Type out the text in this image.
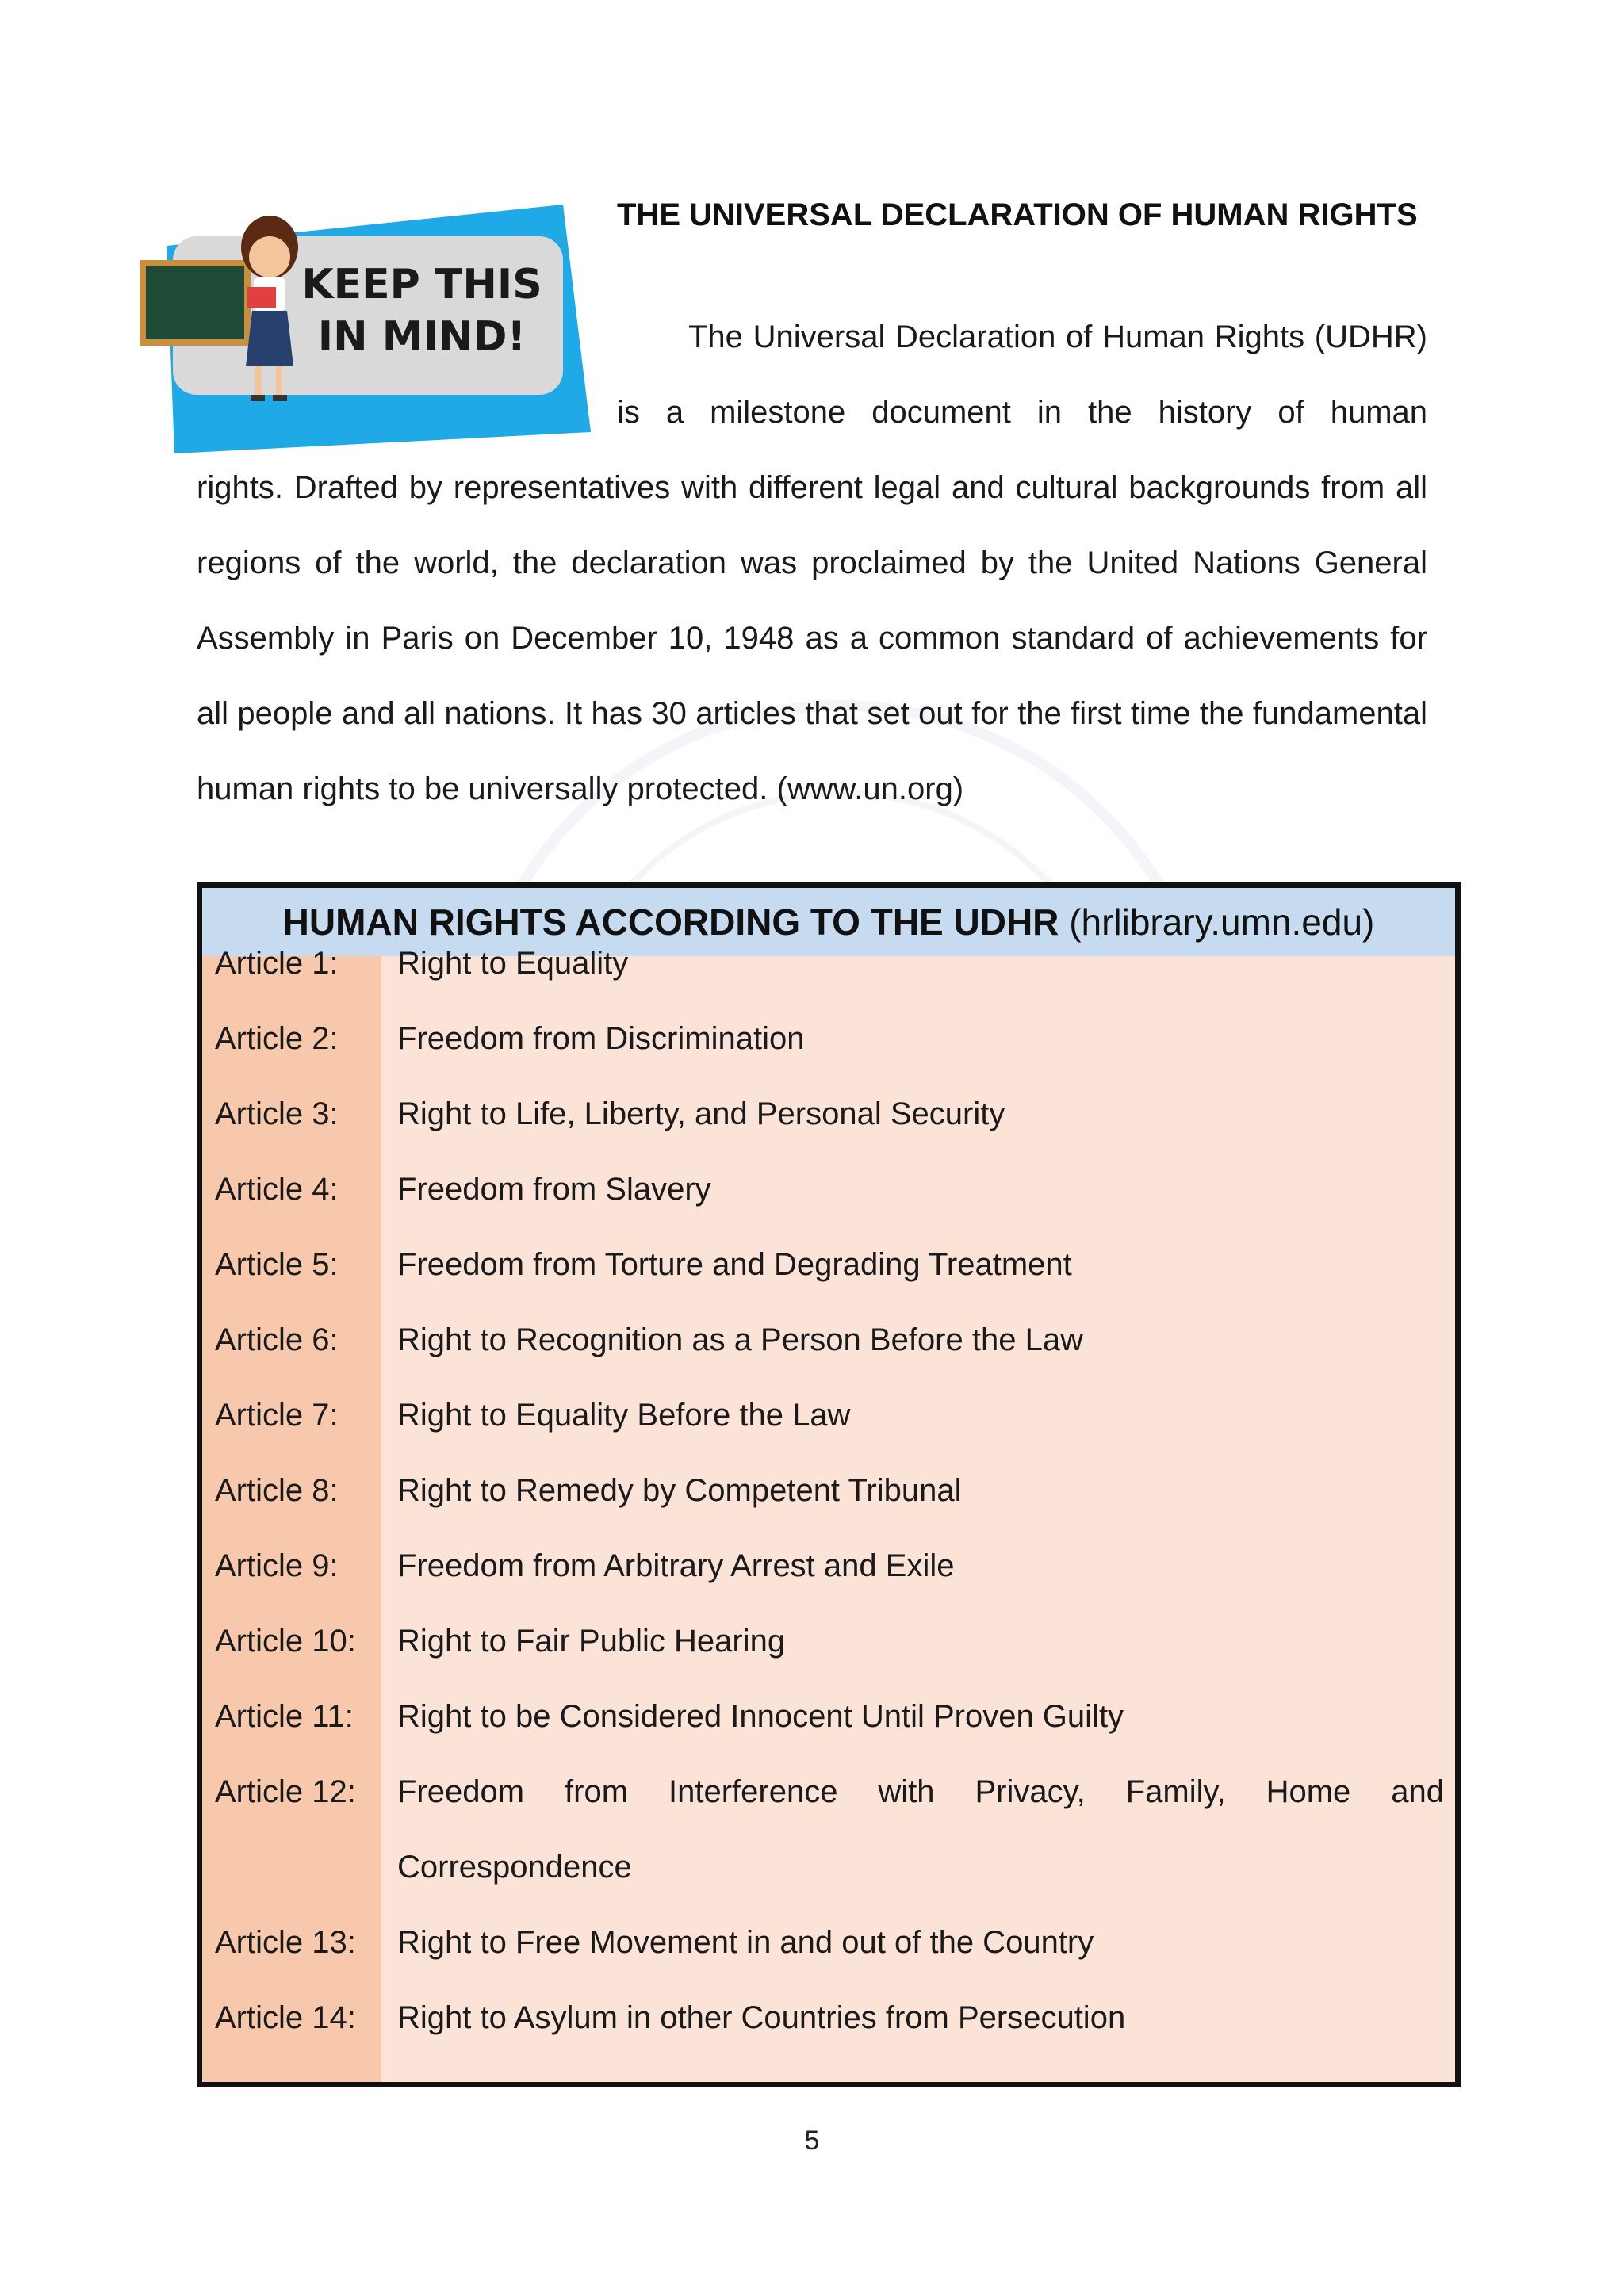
KEEP THIS
IN MIND!
THE UNIVERSAL DECLARATION OF HUMAN RIGHTS

The Universal Declaration of Human Rights (UDHR) is a milestone document in the history of human

rights. Drafted by representatives with different legal and cultural backgrounds from all regions of the world, the declaration was proclaimed by the United Nations General Assembly in Paris on December 10, 1948 as a common standard of achievements for all people and all nations. It has 30 articles that set out for the first time the fundamental human rights to be universally protected. (www.un.org)

HUMAN RIGHTS ACCORDING TO THE UDHR (hrlibrary.umn.edu)
Article 1:	Right to Equality
Article 2:	Freedom from Discrimination
Article 3:	Right to Life, Liberty, and Personal Security
Article 4:	Freedom from Slavery
Article 5:	Freedom from Torture and Degrading Treatment
Article 6:	Right to Recognition as a Person Before the Law
Article 7:	Right to Equality Before the Law
Article 8:	Right to Remedy by Competent Tribunal
Article 9:	Freedom from Arbitrary Arrest and Exile
Article 10:	Right to Fair Public Hearing
Article 11:	Right to be Considered Innocent Until Proven Guilty
Article 12:	Freedom from Interference with Privacy, Family, Home and
Correspondence
Article 13:	Right to Free Movement in and out of the Country
Article 14:	Right to Asylum in other Countries from Persecution
5
